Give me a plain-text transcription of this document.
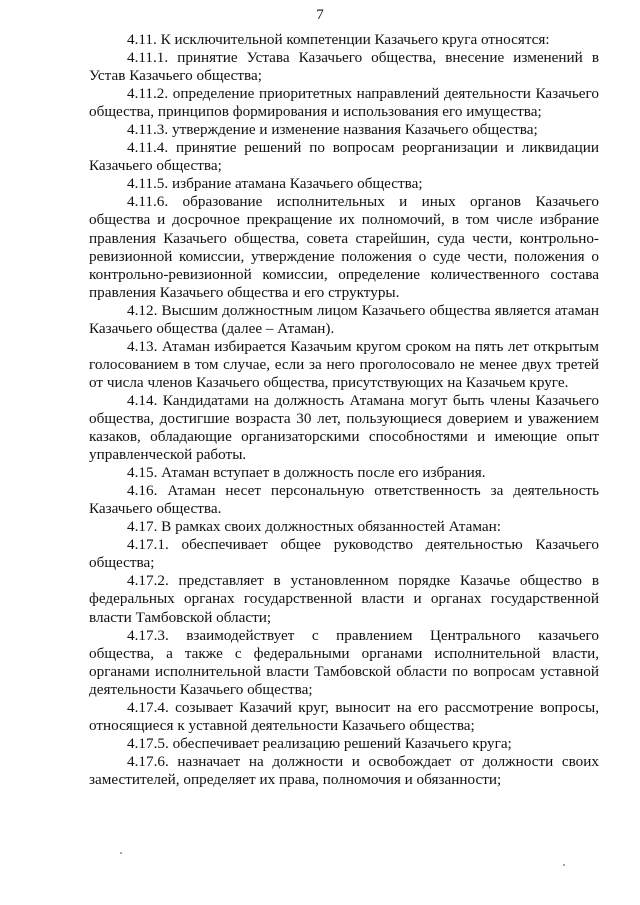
7

4.11. К исключительной компетенции Казачьего круга относятся:

4.11.1. принятие Устава Казачьего общества, внесение изменений в Устав Казачьего общества;

4.11.2. определение приоритетных направлений деятельности Казачьего общества, принципов формирования и использования его имущества;

4.11.3. утверждение и изменение названия Казачьего общества;

4.11.4. принятие решений по вопросам реорганизации и ликвидации Казачьего общества;

4.11.5. избрание атамана Казачьего общества;

4.11.6. образование исполнительных и иных органов Казачьего общества и досрочное прекращение их полномочий, в том числе избрание правления Казачьего общества, совета старейшин, суда чести, контрольно-ревизионной комиссии, утверждение положения о суде чести, положения о контрольно-ревизионной комиссии, определение количественного состава правления Казачьего общества и его структуры.

4.12. Высшим должностным лицом Казачьего общества является атаман Казачьего общества (далее – Атаман).

4.13. Атаман избирается Казачьим кругом сроком на пять лет открытым голосованием в том случае, если за него проголосовало не менее двух третей от числа членов Казачьего общества, присутствующих на Казачьем круге.

4.14. Кандидатами на должность Атамана могут быть члены Казачьего общества, достигшие возраста 30 лет, пользующиеся доверием и уважением казаков, обладающие организаторскими способностями и имеющие опыт управленческой работы.

4.15. Атаман вступает в должность после его избрания.

4.16. Атаман несет персональную ответственность за деятельность Казачьего общества.

4.17. В рамках своих должностных обязанностей Атаман:

4.17.1. обеспечивает общее руководство деятельностью Казачьего общества;

4.17.2. представляет в установленном порядке Казачье общество в федеральных органах государственной власти и органах государственной власти Тамбовской области;

4.17.3. взаимодействует с правлением Центрального казачьего общества, а также с федеральными органами исполнительной власти, органами исполнительной власти Тамбовской области по вопросам уставной деятельности Казачьего общества;

4.17.4. созывает Казачий круг, выносит на его рассмотрение вопросы, относящиеся к уставной деятельности Казачьего общества;

4.17.5. обеспечивает реализацию решений Казачьего круга;

4.17.6. назначает на должности и освобождает от должности своих заместителей, определяет их права, полномочия и обязанности;
